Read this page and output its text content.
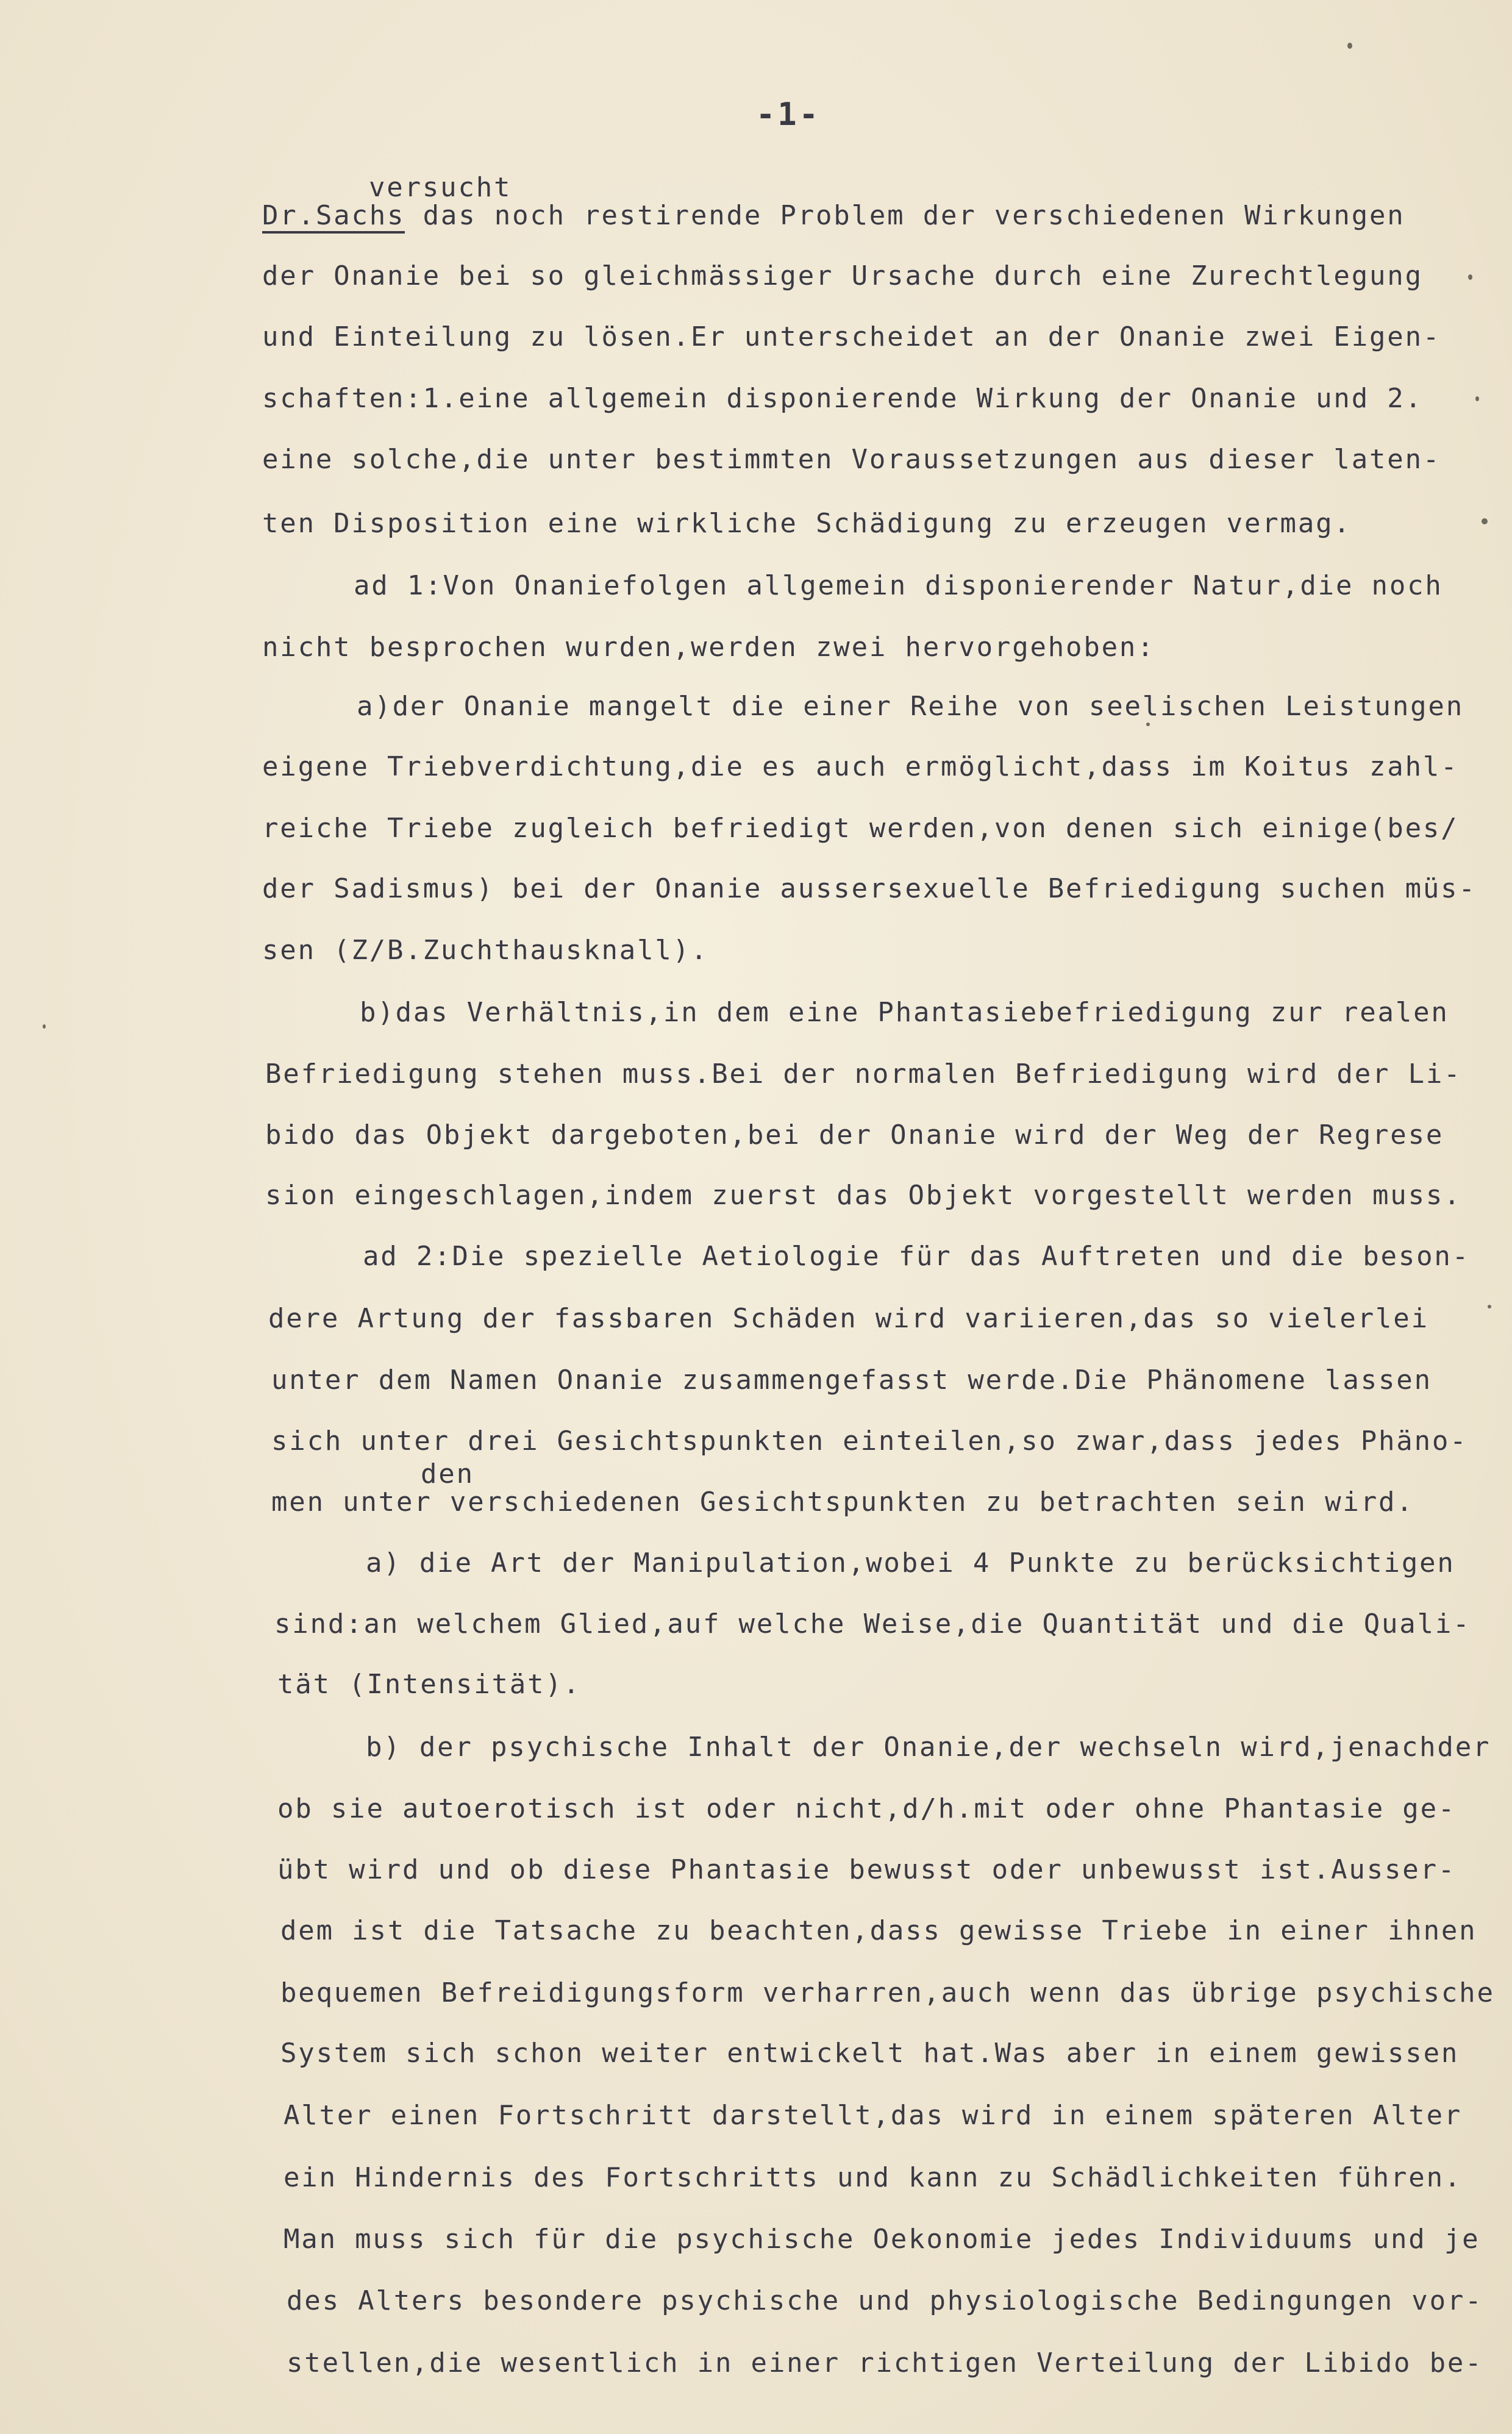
-1-
versucht
den
Dr.Sachs das noch restirende Problem der verschiedenen Wirkungen
der Onanie bei so gleichmässiger Ursache durch eine Zurechtlegung
und Einteilung zu lösen.Er unterscheidet an der Onanie zwei Eigen-
schaften:1.eine allgemein disponierende Wirkung der Onanie und 2.
eine solche,die unter bestimmten Voraussetzungen aus dieser laten-
ten Disposition eine wirkliche Schädigung zu erzeugen vermag.
ad 1:Von Onaniefolgen allgemein disponierender Natur,die noch
nicht besprochen wurden,werden zwei hervorgehoben:
a)der Onanie mangelt die einer Reihe von seelischen Leistungen
eigene Triebverdichtung,die es auch ermöglicht,dass im Koitus zahl-
reiche Triebe zugleich befriedigt werden,von denen sich einige(bes/
der Sadismus) bei der Onanie aussersexuelle Befriedigung suchen müs-
sen (Z/B.Zuchthausknall).
b)das Verhältnis,in dem eine Phantasiebefriedigung zur realen
Befriedigung stehen muss.Bei der normalen Befriedigung wird der Li-
bido das Objekt dargeboten,bei der Onanie wird der Weg der Regrese
sion eingeschlagen,indem zuerst das Objekt vorgestellt werden muss.
ad 2:Die spezielle Aetiologie für das Auftreten und die beson-
dere Artung der fassbaren Schäden wird variieren,das so vielerlei
unter dem Namen Onanie zusammengefasst werde.Die Phänomene lassen
sich unter drei Gesichtspunkten einteilen,so zwar,dass jedes Phäno-
men unter verschiedenen Gesichtspunkten zu betrachten sein wird.
a) die Art der Manipulation,wobei 4 Punkte zu berücksichtigen
sind:an welchem Glied,auf welche Weise,die Quantität und die Quali-
tät (Intensität).
b) der psychische Inhalt der Onanie,der wechseln wird,jenachder
ob sie autoerotisch ist oder nicht,d/h.mit oder ohne Phantasie ge-
übt wird und ob diese Phantasie bewusst oder unbewusst ist.Ausser-
dem ist die Tatsache zu beachten,dass gewisse Triebe in einer ihnen
bequemen Befreidigungsform verharren,auch wenn das übrige psychische
System sich schon weiter entwickelt hat.Was aber in einem gewissen
Alter einen Fortschritt darstellt,das wird in einem späteren Alter
ein Hindernis des Fortschritts und kann zu Schädlichkeiten führen.
Man muss sich für die psychische Oekonomie jedes Individuums und je
des Alters besondere psychische und physiologische Bedingungen vor-
stellen,die wesentlich in einer richtigen Verteilung der Libido be-
